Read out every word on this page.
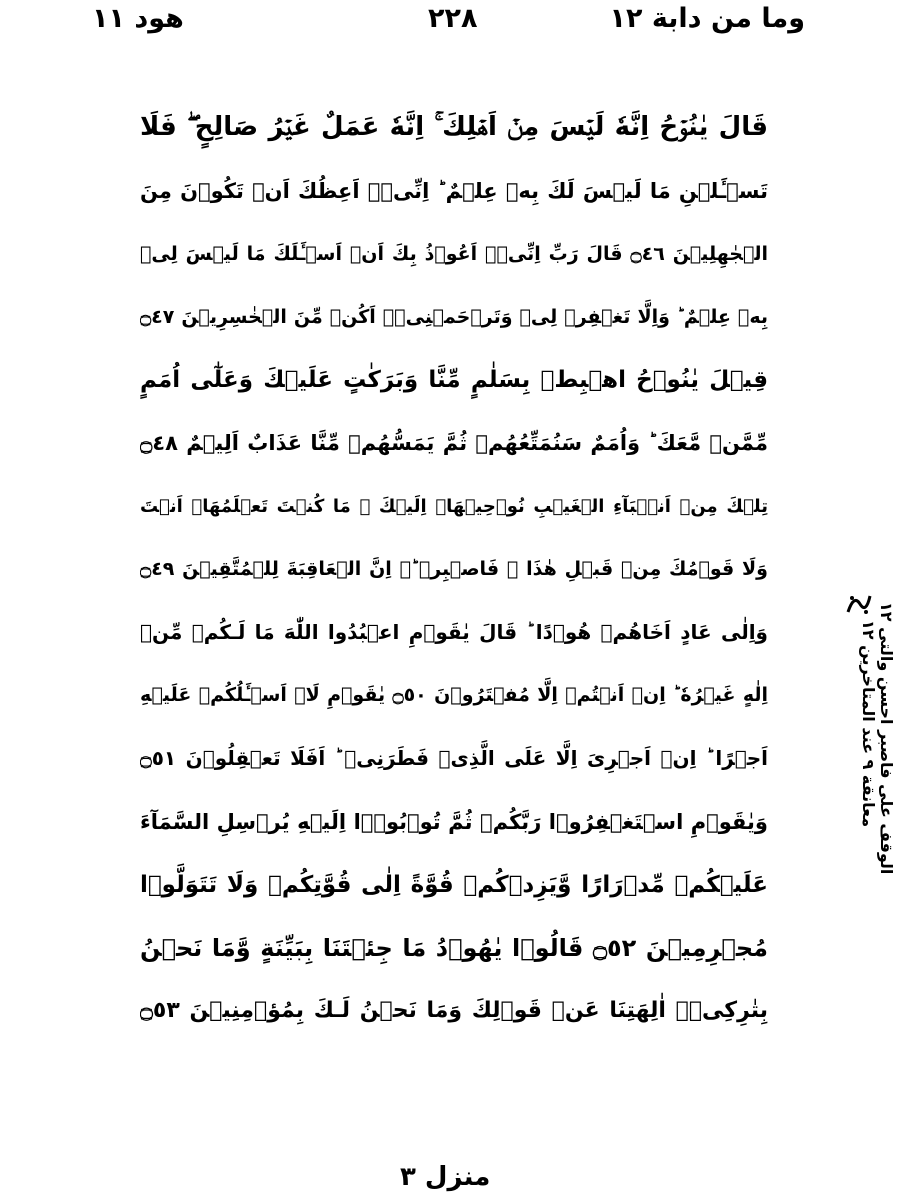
هود ١١	٢٢٨	وما من دابة ١٢
قَالَ يٰنُوۡحُ اِنَّهٗ لَيۡسَ مِنۡ اَهۡلِكَ ۚ اِنَّهٗ عَمَلٌ غَيۡرُ صَالِحٍ ۖ فَلَا
تَسۡـَٔلۡنِ مَا لَيۡسَ لَكَ بِهٖ عِلۡمٌ ؕ اِنِّىۡۤ اَعِظُكَ اَنۡ تَكُوۡنَ مِنَ
الۡجٰهِلِيۡنَ ۝٤٦ قَالَ رَبِّ اِنِّىۡۤ اَعُوۡذُ بِكَ اَنۡ اَسۡـَٔلَكَ مَا لَيۡسَ لِىۡ
بِهٖ عِلۡمٌ ؕ وَاِلَّا تَغۡفِرۡ لِىۡ وَتَرۡحَمۡنِىۡۤ اَكُنۡ مِّنَ الۡخٰسِرِيۡنَ ۝٤٧
قِيۡلَ يٰنُوۡحُ اهۡبِطۡ بِسَلٰمٍ مِّنَّا وَبَرَكٰتٍ عَلَيۡكَ وَعَلٰٓى اُمَمٍ
مِّمَّنۡ مَّعَكَ ؕ وَاُمَمٌ سَنُمَتِّعُهُمۡ ثُمَّ يَمَسُّهُمۡ مِّنَّا عَذَابٌ اَلِيۡمٌ ۝٤٨
تِلۡكَ مِنۡ اَنۡۢبَآءِ الۡغَيۡبِ نُوۡحِيۡهَاۤ اِلَيۡكَ ۚ مَا كُنۡتَ تَعۡلَمُهَاۤ اَنۡتَ
وَلَا قَوۡمُكَ مِنۡ قَبۡلِ هٰذَا ۛ فَاصۡبِرۡ ؕۛ اِنَّ الۡعَاقِبَةَ لِلۡمُتَّقِيۡنَ ۝٤٩
وَاِلٰى عَادٍ اَخَاهُمۡ هُوۡدًا ؕ قَالَ يٰقَوۡمِ اعۡبُدُوا اللّٰهَ مَا لَـكُمۡ مِّنۡ
اِلٰهٍ غَيۡرُهٗ ؕ اِنۡ اَنۡتُمۡ اِلَّا مُفۡتَرُوۡنَ ۝٥٠ يٰقَوۡمِ لَاۤ اَسۡـَٔلُكُمۡ عَلَيۡهِ
اَجۡرًا ؕ اِنۡ اَجۡرِىَ اِلَّا عَلَى الَّذِىۡ فَطَرَنِىۡ ؕ اَفَلَا تَعۡقِلُوۡنَ ۝٥١
وَيٰقَوۡمِ اسۡتَغۡفِرُوۡا رَبَّكُمۡ ثُمَّ تُوۡبُوۡۤا اِلَيۡهِ يُرۡسِلِ السَّمَآءَ
عَلَيۡكُمۡ مِّدۡرَارًا وَّيَزِدۡكُمۡ قُوَّةً اِلٰى قُوَّتِكُمۡ وَلَا تَتَوَلَّوۡا
مُجۡرِمِيۡنَ ۝٥٢ قَالُوۡا يٰهُوۡدُ مَا جِئۡتَنَا بِبَيِّنَةٍ وَّمَا نَحۡنُ
بِتٰرِكِىۡۤ اٰلِهَتِنَا عَنۡ قَوۡلِكَ وَمَا نَحۡنُ لَـكَ بِمُؤۡمِنِيۡنَ ۝٥٣
الوقف على فاصبر احسن والتى ١٢
معانقة ٩ عند المتاخرين ١٢
منزل ٣
